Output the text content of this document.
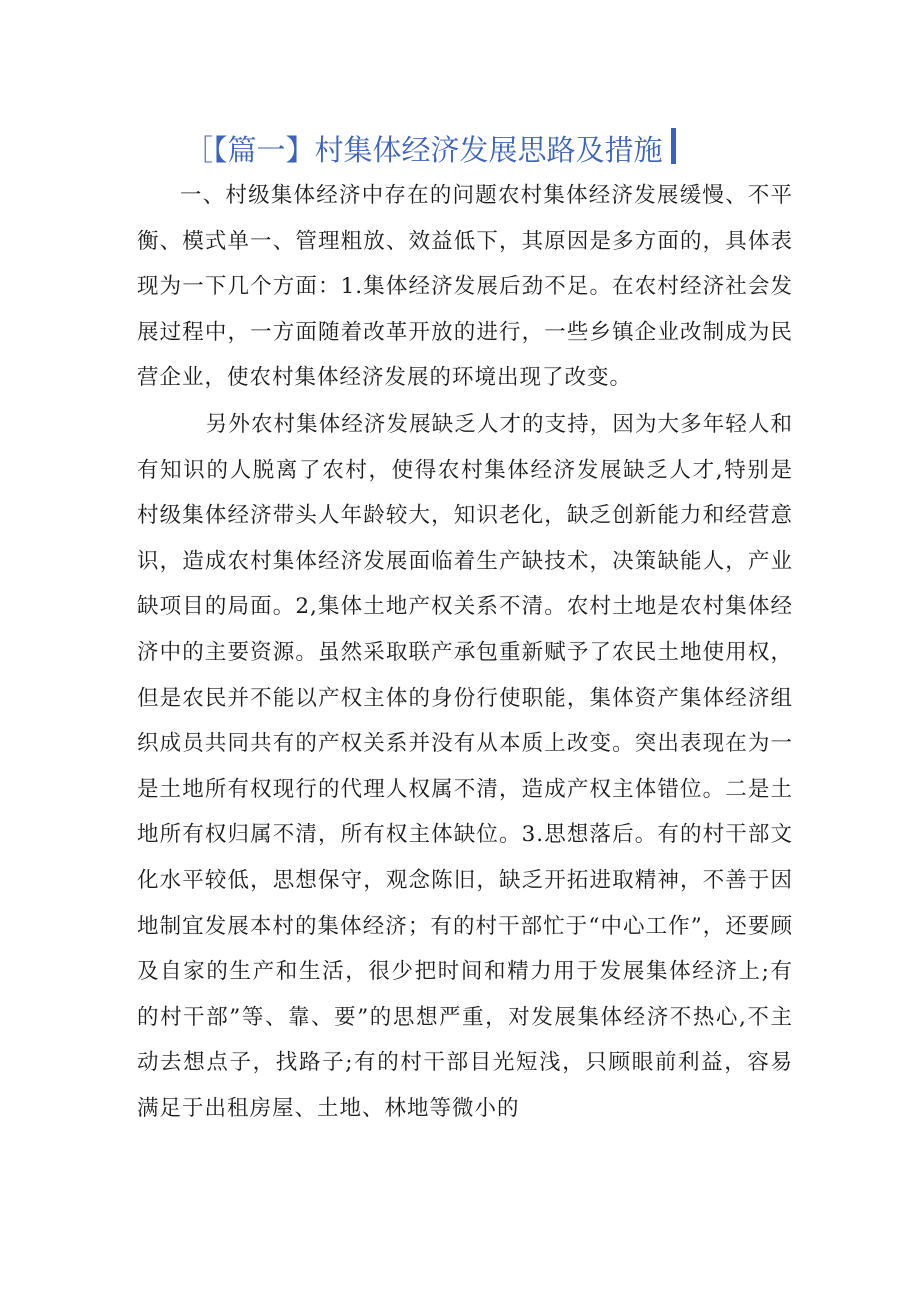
［【篇一】村集体经济发展思路及措施

一、村级集体经济中存在的问题农村集体经济发展缓慢、不平衡、模式单一、管理粗放、效益低下，其原因是多方面的，具体表现为一下几个方面：1.集体经济发展后劲不足。在农村经济社会发展过程中，一方面随着改革开放的进行，一些乡镇企业改制成为民营企业，使农村集体经济发展的环境出现了改变。

另外农村集体经济发展缺乏人才的支持，因为大多年轻人和有知识的人脱离了农村，使得农村集体经济发展缺乏人才,特别是村级集体经济带头人年龄较大，知识老化，缺乏创新能力和经营意识，造成农村集体经济发展面临着生产缺技术，决策缺能人，产业缺项目的局面。2,集体土地产权关系不清。农村土地是农村集体经济中的主要资源。虽然采取联产承包重新赋予了农民土地使用权，但是农民并不能以产权主体的身份行使职能，集体资产集体经济组织成员共同共有的产权关系并没有从本质上改变。突出表现在为一是土地所有权现行的代理人权属不清，造成产权主体错位。二是土地所有权归属不清，所有权主体缺位。3.思想落后。有的村干部文化水平较低，思想保守，观念陈旧，缺乏开拓进取精神，不善于因地制宜发展本村的集体经济；有的村干部忙于“中心工作”，还要顾及自家的生产和生活，很少把时间和精力用于发展集体经济上;有的村干部”等、靠、要”的思想严重，对发展集体经济不热心,不主动去想点子，找路子;有的村干部目光短浅，只顾眼前利益，容易满足于出租房屋、土地、林地等微小的
